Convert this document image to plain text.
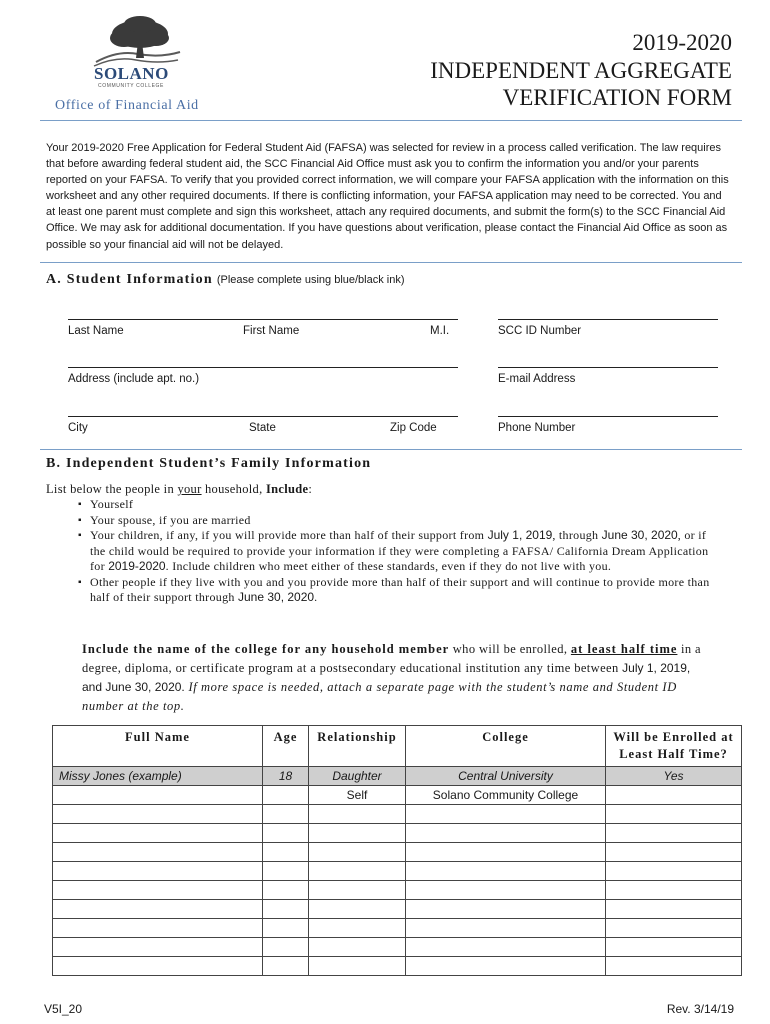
SOLANO
COMMUNITY COLLEGE
Office of Financial Aid
2019-2020
INDEPENDENT AGGREGATE
VERIFICATION FORM
Your 2019-2020 Free Application for Federal Student Aid (FAFSA) was selected for review in a process called verification. The law requires that before awarding federal student aid, the SCC Financial Aid Office must ask you to confirm the information you and/or your parents reported on your FAFSA. To verify that you provided correct information, we will compare your FAFSA application with the information on this worksheet and any other required documents. If there is conflicting information, your FAFSA application may need to be corrected. You and at least one parent must complete and sign this worksheet, attach any required documents, and submit the form(s) to the SCC Financial Aid Office. We may ask for additional documentation. If you have questions about verification, please contact the Financial Aid Office as soon as possible so your financial aid will not be delayed.
A. Student Information (Please complete using blue/black ink)
Last Name	First Name	M.I.	SCC ID Number
Address (include apt. no.)	E-mail Address
City	State	Zip Code	Phone Number
B. Independent Student’s Family Information
List below the people in your household, Include:
▪ Yourself
▪ Your spouse, if you are married
▪ Your children, if any, if you will provide more than half of their support from July 1, 2019, through June 30, 2020, or if the child would be required to provide your information if they were completing a FAFSA/ California Dream Application for 2019-2020. Include children who meet either of these standards, even if they do not live with you.
▪ Other people if they live with you and you provide more than half of their support and will continue to provide more than half of their support through June 30, 2020.
Include the name of the college for any household member who will be enrolled, at least half time in a degree, diploma, or certificate program at a postsecondary educational institution any time between July 1, 2019, and June 30, 2020. If more space is needed, attach a separate page with the student’s name and Student ID number at the top.
Full Name	Age	Relationship	College	Will be Enrolled at
Least Half Time?
Missy Jones (example)	18	Daughter	Central University	Yes
		Self	Solano Community College	

V5I_20	Rev. 3/14/19
